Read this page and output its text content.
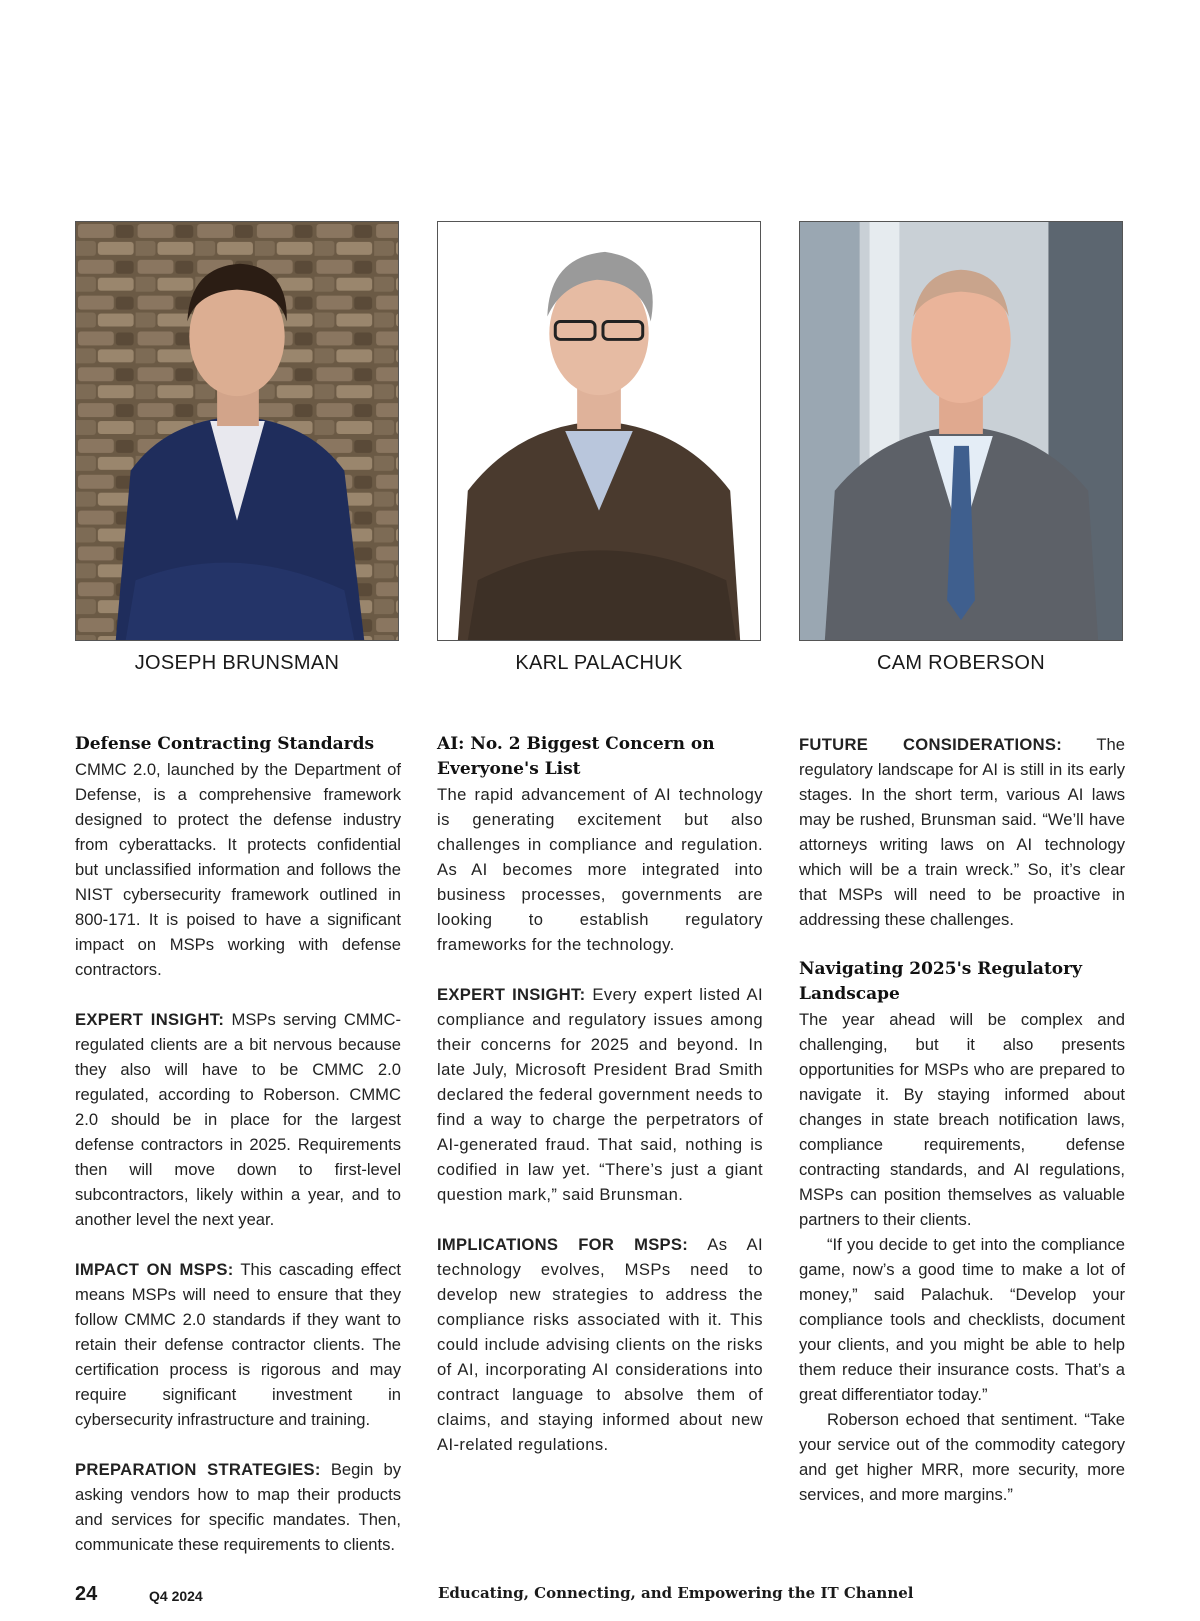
JOSEPH BRUNSMAN	KARL PALACHUK	CAM ROBERSON
Defense Contracting Standards

CMMC 2.0, launched by the Department of Defense, is a comprehensive framework designed to protect the defense industry from cyberattacks. It protects confidential but unclassified information and follows the NIST cybersecurity framework outlined in 800-171. It is poised to have a significant impact on MSPs working with defense contractors.

EXPERT INSIGHT: MSPs serving CMMC-regulated clients are a bit nervous because they also will have to be CMMC 2.0 regulated, according to Roberson. CMMC 2.0 should be in place for the largest defense contractors in 2025. Requirements then will move down to first-level subcontractors, likely within a year, and to another level the next year.

IMPACT ON MSPS: This cascading effect means MSPs will need to ensure that they follow CMMC 2.0 standards if they want to retain their defense contractor clients. The certification process is rigorous and may require significant investment in cybersecurity infrastructure and training.

PREPARATION STRATEGIES: Begin by asking vendors how to map their products and services for specific mandates. Then, communicate these requirements to clients.

AI: No. 2 Biggest Concern on Everyone's List

The rapid advancement of AI technology is generating excitement but also challenges in compliance and regulation. As AI becomes more integrated into business processes, governments are looking to establish regulatory frameworks for the technology.

EXPERT INSIGHT: Every expert listed AI compliance and regulatory issues among their concerns for 2025 and beyond. In late July, Microsoft President Brad Smith declared the federal government needs to find a way to charge the perpetrators of AI-generated fraud. That said, nothing is codified in law yet. “There’s just a giant question mark,” said Brunsman.

IMPLICATIONS FOR MSPS: As AI technology evolves, MSPs need to develop new strategies to address the compliance risks associated with it. This could include advising clients on the risks of AI, incorporating AI considerations into contract language to absolve them of claims, and staying informed about new AI-related regulations.

FUTURE CONSIDERATIONS: The regulatory landscape for AI is still in its early stages. In the short term, various AI laws may be rushed, Brunsman said. “We’ll have attorneys writing laws on AI technology which will be a train wreck.” So, it’s clear that MSPs will need to be proactive in addressing these challenges.

Navigating 2025's Regulatory Landscape

The year ahead will be complex and challenging, but it also presents opportunities for MSPs who are prepared to navigate it. By staying informed about changes in state breach notification laws, compliance requirements, defense contracting standards, and AI regulations, MSPs can position themselves as valuable partners to their clients.

“If you decide to get into the compliance game, now’s a good time to make a lot of money,” said Palachuk. “Develop your compliance tools and checklists, document your clients, and you might be able to help them reduce their insurance costs. That’s a great differentiator today.”

Roberson echoed that sentiment. “Take your service out of the commodity category and get higher MRR, more security, more services, and more margins.”

24	Q4 2024	Educating, Connecting, and Empowering the IT Channel
